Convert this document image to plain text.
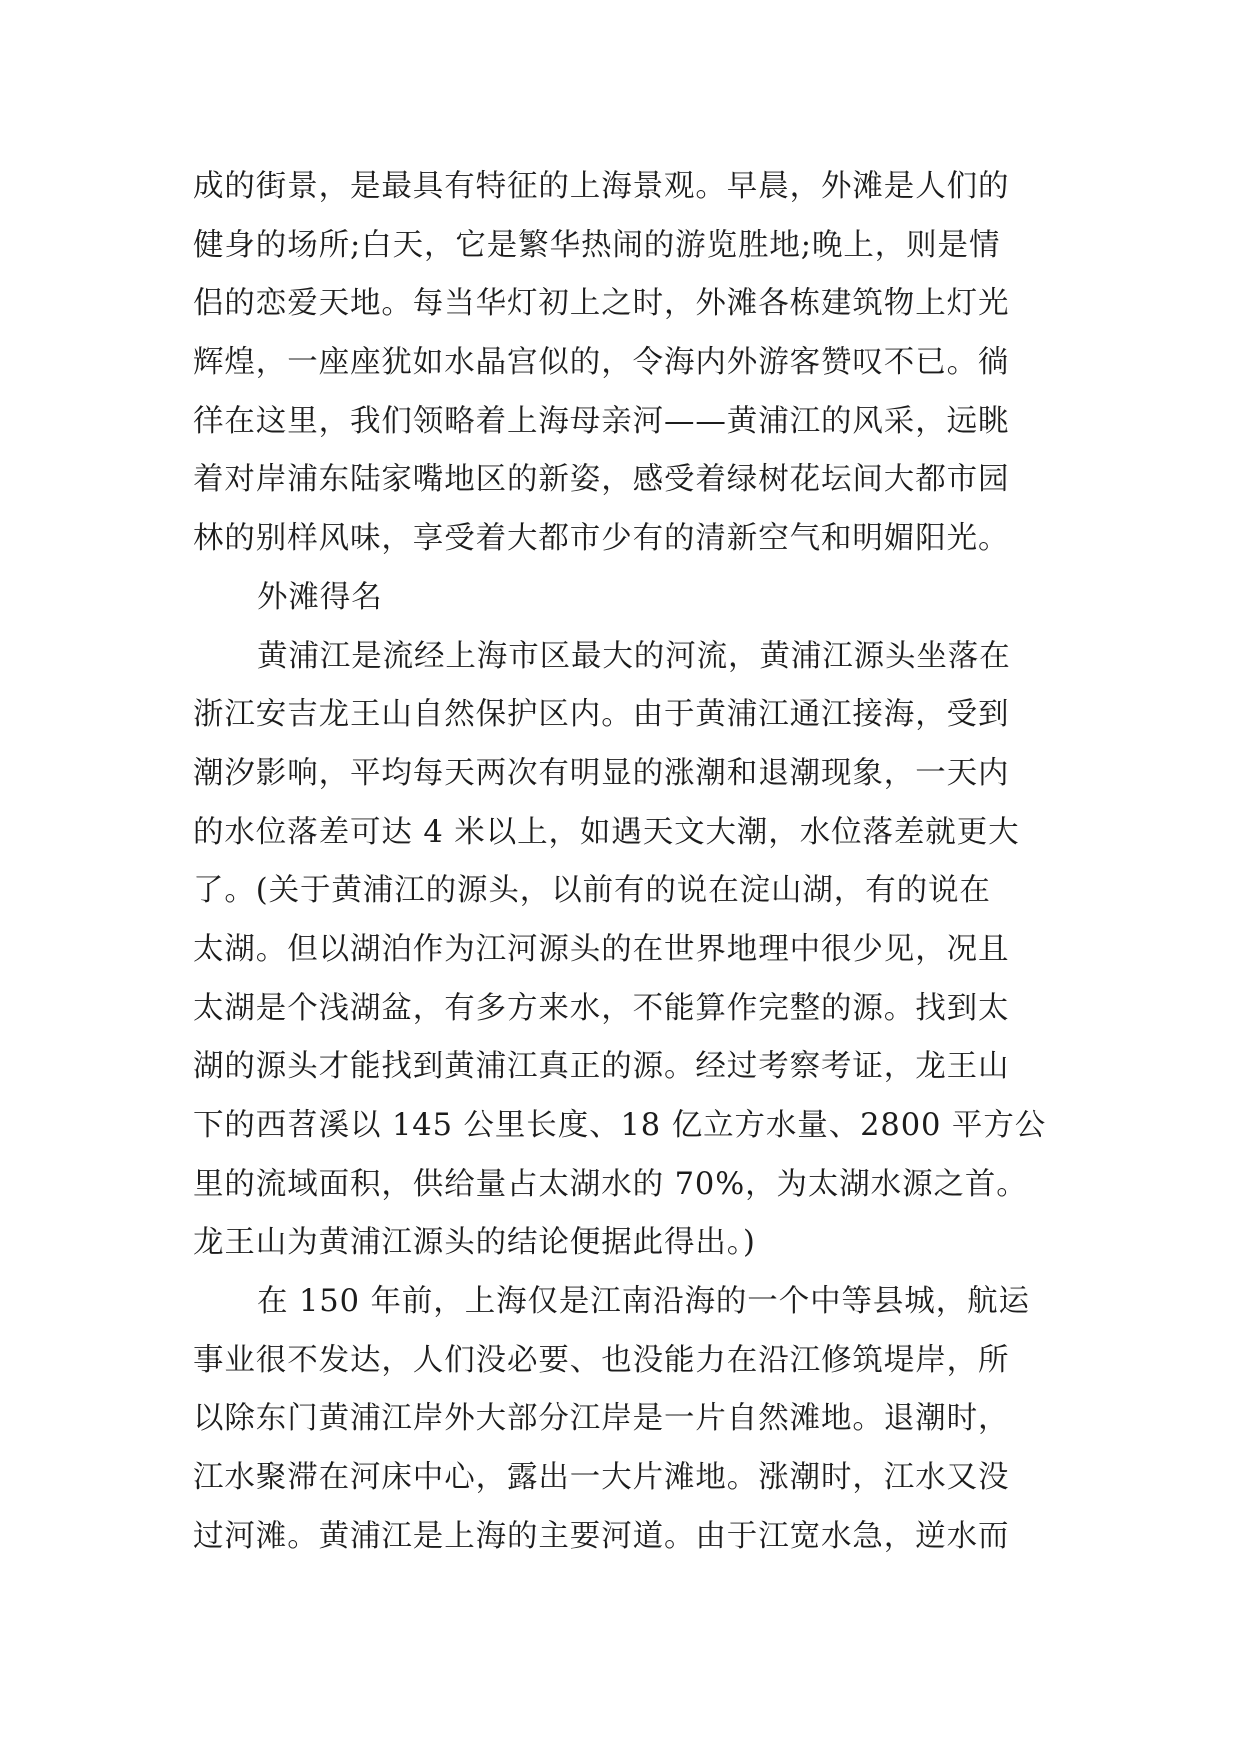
成的街景，是最具有特征的上海景观。早晨，外滩是人们的

健身的场所;白天，它是繁华热闹的游览胜地;晚上，则是情

侣的恋爱天地。每当华灯初上之时，外滩各栋建筑物上灯光

辉煌，一座座犹如水晶宫似的，令海内外游客赞叹不已。徜

徉在这里，我们领略着上海母亲河——黄浦江的风采，远眺

着对岸浦东陆家嘴地区的新姿，感受着绿树花坛间大都市园

林的别样风味，享受着大都市少有的清新空气和明媚阳光。

外滩得名

黄浦江是流经上海市区最大的河流，黄浦江源头坐落在

浙江安吉龙王山自然保护区内。由于黄浦江通江接海，受到

潮汐影响，平均每天两次有明显的涨潮和退潮现象，一天内

的水位落差可达 4 米以上，如遇天文大潮，水位落差就更大

了。(关于黄浦江的源头，以前有的说在淀山湖，有的说在

太湖。但以湖泊作为江河源头的在世界地理中很少见，况且

太湖是个浅湖盆，有多方来水，不能算作完整的源。找到太

湖的源头才能找到黄浦江真正的源。经过考察考证，龙王山

下的西苕溪以 145 公里长度、18 亿立方水量、2800 平方公

里的流域面积，供给量占太湖水的 70%，为太湖水源之首。

龙王山为黄浦江源头的结论便据此得出。)

在 150 年前，上海仅是江南沿海的一个中等县城，航运

事业很不发达，人们没必要、也没能力在沿江修筑堤岸，所

以除东门黄浦江岸外大部分江岸是一片自然滩地。退潮时，

江水聚滞在河床中心，露出一大片滩地。涨潮时，江水又没

过河滩。黄浦江是上海的主要河道。由于江宽水急，逆水而
